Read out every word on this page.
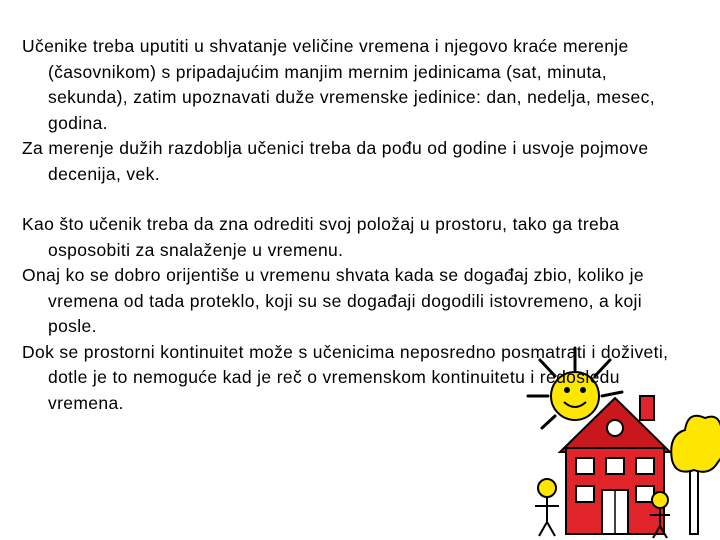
Učenike treba uputiti u shvatanje veličine vremena i njegovo kraće merenje (časovnikom) s pripadajućim manjim mernim jedinicama (sat, minuta, sekunda), zatim upoznavati duže vremenske jedinice: dan, nedelja, mesec, godina.

Za merenje dužih razdoblja učenici treba da pođu od godine i usvoje pojmove decenija, vek.

Kao što učenik treba da zna odrediti svoj položaj u prostoru, tako ga treba osposobiti za snalaženje u vremenu.

Onaj ko se dobro orijentiše u vremenu shvata kada se događaj zbio, koliko je vremena od tada proteklo, koji su se događaji dogodili istovremeno, a koji posle.

Dok se prostorni kontinuitet može s učenicima neposredno posmatrati i doživeti, dotle je to nemoguće kad je reč o vremenskom kontinuitetu i redosledu vremena.
